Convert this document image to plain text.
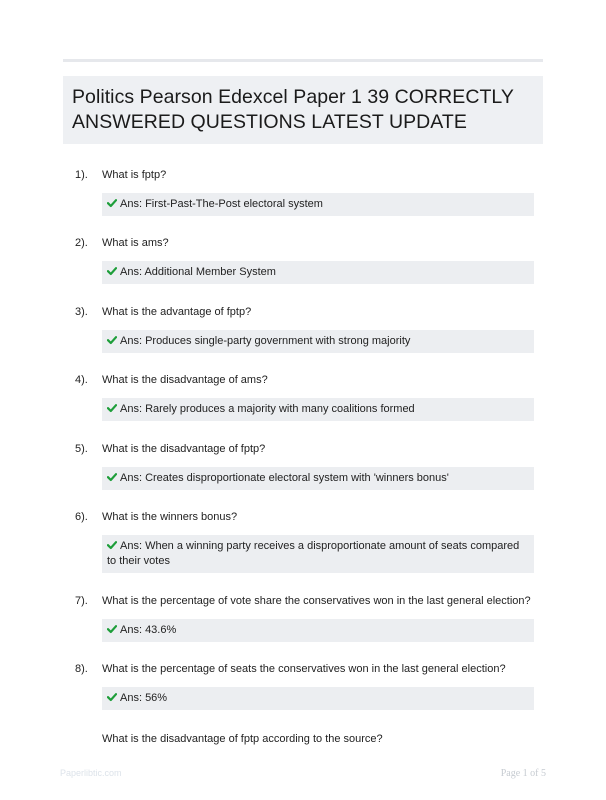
Politics Pearson Edexcel Paper 1 39 CORRECTLY ANSWERED QUESTIONS LATEST UPDATE
1). What is fptp?
Ans: First-Past-The-Post electoral system
2). What is ams?
Ans: Additional Member System
3). What is the advantage of fptp?
Ans: Produces single-party government with strong majority
4). What is the disadvantage of ams?
Ans: Rarely produces a majority with many coalitions formed
5). What is the disadvantage of fptp?
Ans: Creates disproportionate electoral system with 'winners bonus'
6). What is the winners bonus?
Ans: When a winning party receives a disproportionate amount of seats compared to their votes
7). What is the percentage of vote share the conservatives won in the last general election?
Ans: 43.6%
8). What is the percentage of seats the conservatives won in the last general election?
Ans: 56%
What is the disadvantage of fptp according to the source?
Paperlibtic.com	Page 1 of 5
